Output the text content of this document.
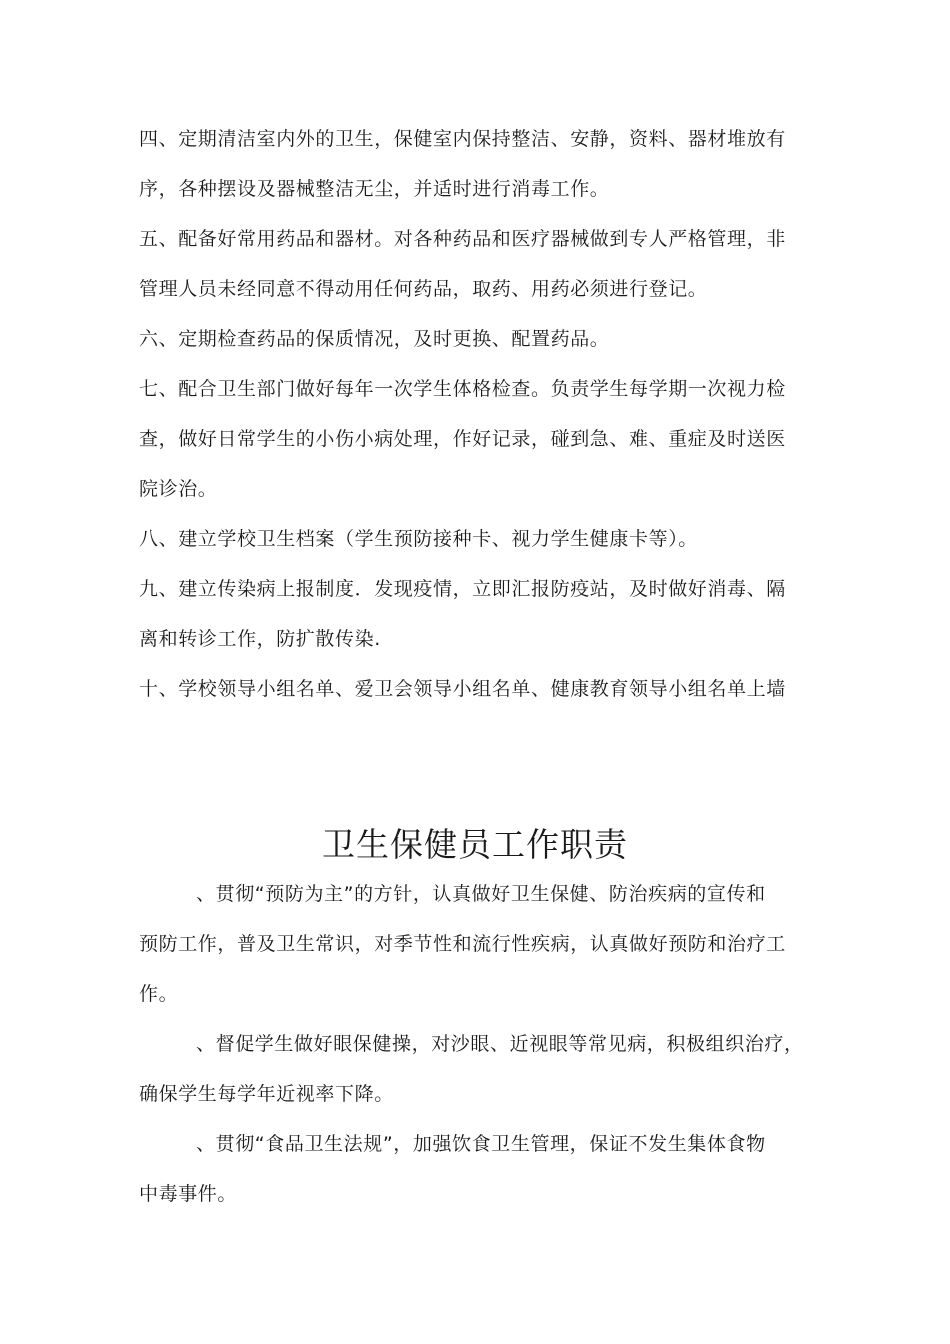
四、定期清洁室内外的卫生，保健室内保持整洁、安静，资料、器材堆放有
序，各种摆设及器械整洁无尘，并适时进行消毒工作。
五、配备好常用药品和器材。对各种药品和医疗器械做到专人严格管理，非
管理人员未经同意不得动用任何药品，取药、用药必须进行登记。
六、定期检查药品的保质情况，及时更换、配置药品。
七、配合卫生部门做好每年一次学生体格检查。负责学生每学期一次视力检
查，做好日常学生的小伤小病处理，作好记录，碰到急、难、重症及时送医
院诊治。
八、建立学校卫生档案（学生预防接种卡、视力学生健康卡等）。
九、建立传染病上报制度．发现疫情，立即汇报防疫站，及时做好消毒、隔
离和转诊工作，防扩散传染.
十、学校领导小组名单、爱卫会领导小组名单、健康教育领导小组名单上墙
卫生保健员工作职责
、贯彻“预防为主”的方针，认真做好卫生保健、防治疾病的宣传和
预防工作，普及卫生常识，对季节性和流行性疾病，认真做好预防和治疗工
作。
、督促学生做好眼保健操，对沙眼、近视眼等常见病，积极组织治疗，
确保学生每学年近视率下降。
、贯彻“食品卫生法规”，加强饮食卫生管理，保证不发生集体食物
中毒事件。
